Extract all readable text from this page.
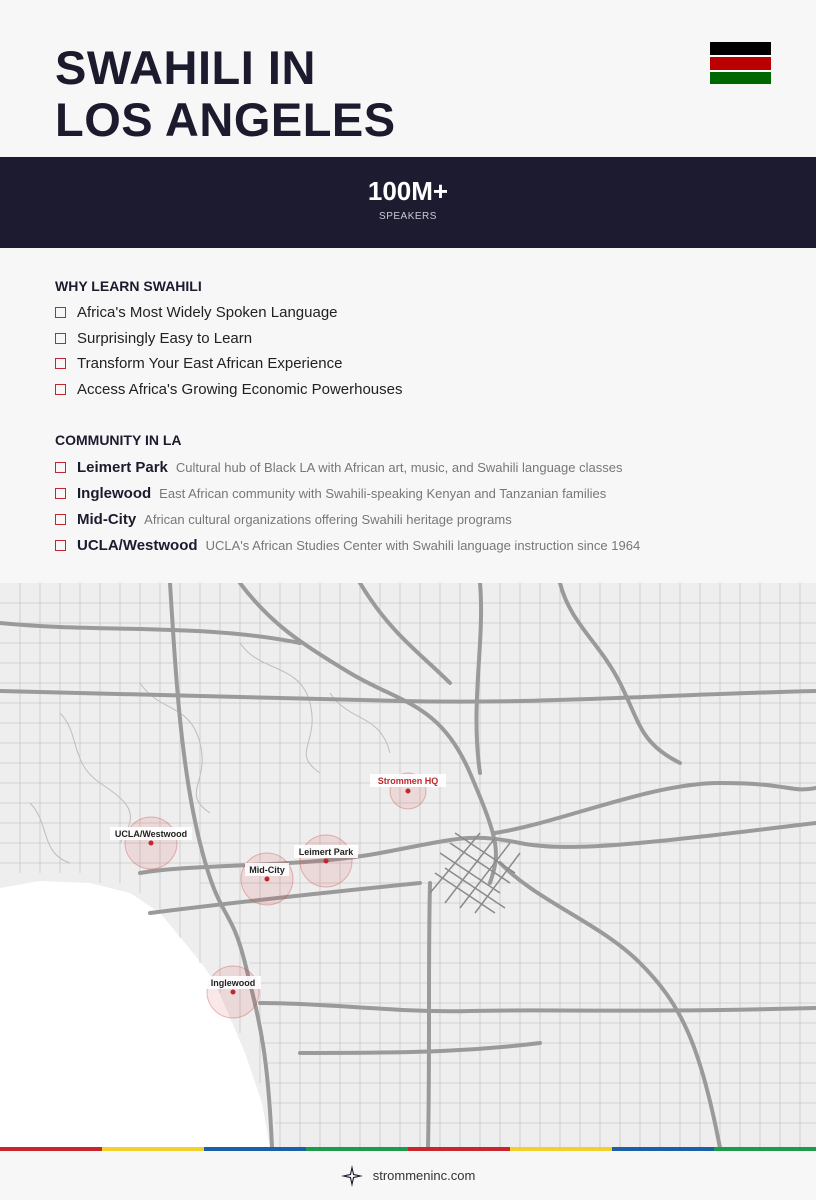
SWAHILI IN
LOS ANGELES
100M+
SPEAKERS
WHY LEARN SWAHILI
Africa's Most Widely Spoken Language
Surprisingly Easy to Learn
Transform Your East African Experience
Access Africa's Growing Economic Powerhouses
COMMUNITY IN LA
Leimert Park Cultural hub of Black LA with African art, music, and Swahili language classes
Inglewood East African community with Swahili-speaking Kenyan and Tanzanian families
Mid-City African cultural organizations offering Swahili heritage programs
UCLA/Westwood UCLA's African Studies Center with Swahili language instruction since 1964
Strommen HQ
UCLA/Westwood
Leimert Park
Mid-City
Inglewood
strommeninc.com
